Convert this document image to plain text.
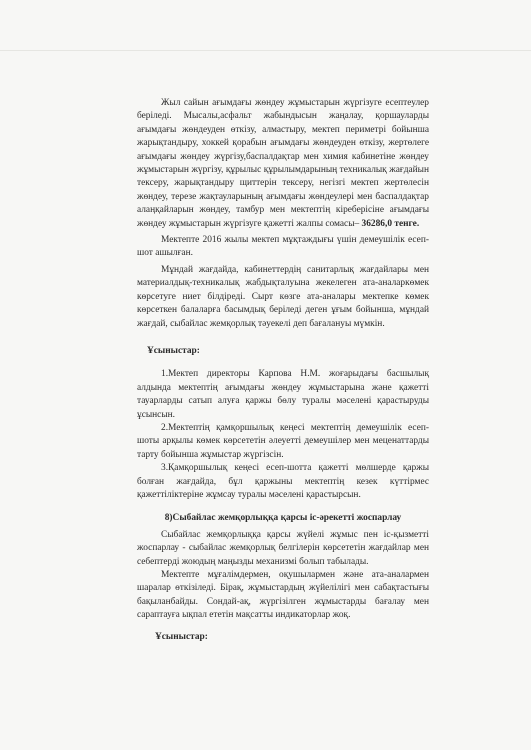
Жыл сайын ағымдағы жөндеу жұмыстарын жүргізуге есептеулер беріледі. Мысалы,асфальт жабындысын жаңалау, қоршауларды ағымдағы жөндеуден өткізу, алмастыру, мектеп периметрі бойынша жарықтандыру, хоккей қорабын ағымдағы жөндеуден өткізу, жертөлеге ағымдағы жөндеу жүргізу,баспалдақтар мен химия кабинетіне жөндеу жұмыстарын жүргізу, құрылыс құрылымдарының техникалық жағдайын тексеру, жарықтандыру щиттерін тексеру, негізгі мектеп жертөлесін жөндеу, терезе жақтауларының ағымдағы жөндеулері мен баспалдақтар алаңқайларын жөндеу, тамбур мен мектептің кіреберісіне ағымдағы жөндеу жұмыстарын жүргізуге қажетті жалпы сомасы– 36286,0 тенге.

Мектепте 2016 жылы мектеп мұқтаждығы үшін демеушілік есеп-шот ашылған.

Мұндай жағдайда, кабинеттердің санитарлық жағдайлары мен материалдық-техникалық жабдықталуына жекелеген ата-аналаркөмек көрсетуге ниет білдіреді. Сырт көзге ата-аналары мектепке көмек көрсеткен балаларға басымдық беріледі деген ұғым бойынша, мұндай жағдай, сыбайлас жемқорлық тәуекелі деп бағалануы мүмкін.

Ұсыныстар:

1.Мектеп директоры Карпова Н.М. жоғарыдағы басшылық алдында мектептің ағымдағы жөндеу жұмыстарына және қажетті тауарларды сатып алуға қаржы бөлу туралы мәселені қарастыруды ұсынсын.

2.Мектептің қамқоршылық кеңесі мектептің демеушілік есеп-шоты арқылы көмек көрсететін әлеуетті демеушілер мен меценаттарды тарту бойынша жұмыстар жүргізсін.

3.Қамқоршылық кеңесі есеп-шотта қажетті мөлшерде қаржы болған жағдайда, бұл қаржыны мектептің кезек күттірмес қажеттіліктеріне жұмсау туралы мәселені қарастырсын.

8)Сыбайлас жемқорлыққа қарсы іс-әрекетті жоспарлау

Сыбайлас жемқорлыққа қарсы жүйелі жұмыс пен іс-қызметті жоспарлау - сыбайлас жемқорлық белгілерін көрсететін жағдайлар мен себептерді жоюдың маңызды механизмі болып табылады.

Мектепте мұғалімдермен, оқушылармен және ата-аналармен шаралар өткізіледі. Бірақ, жұмыстардың жүйелілігі мен сабақтастығы бақыланбайды. Сондай-ақ, жүргізілген жұмыстарды бағалау мен сараптауға ықпал ететін мақсатты индикаторлар жоқ.

Ұсыныстар:
